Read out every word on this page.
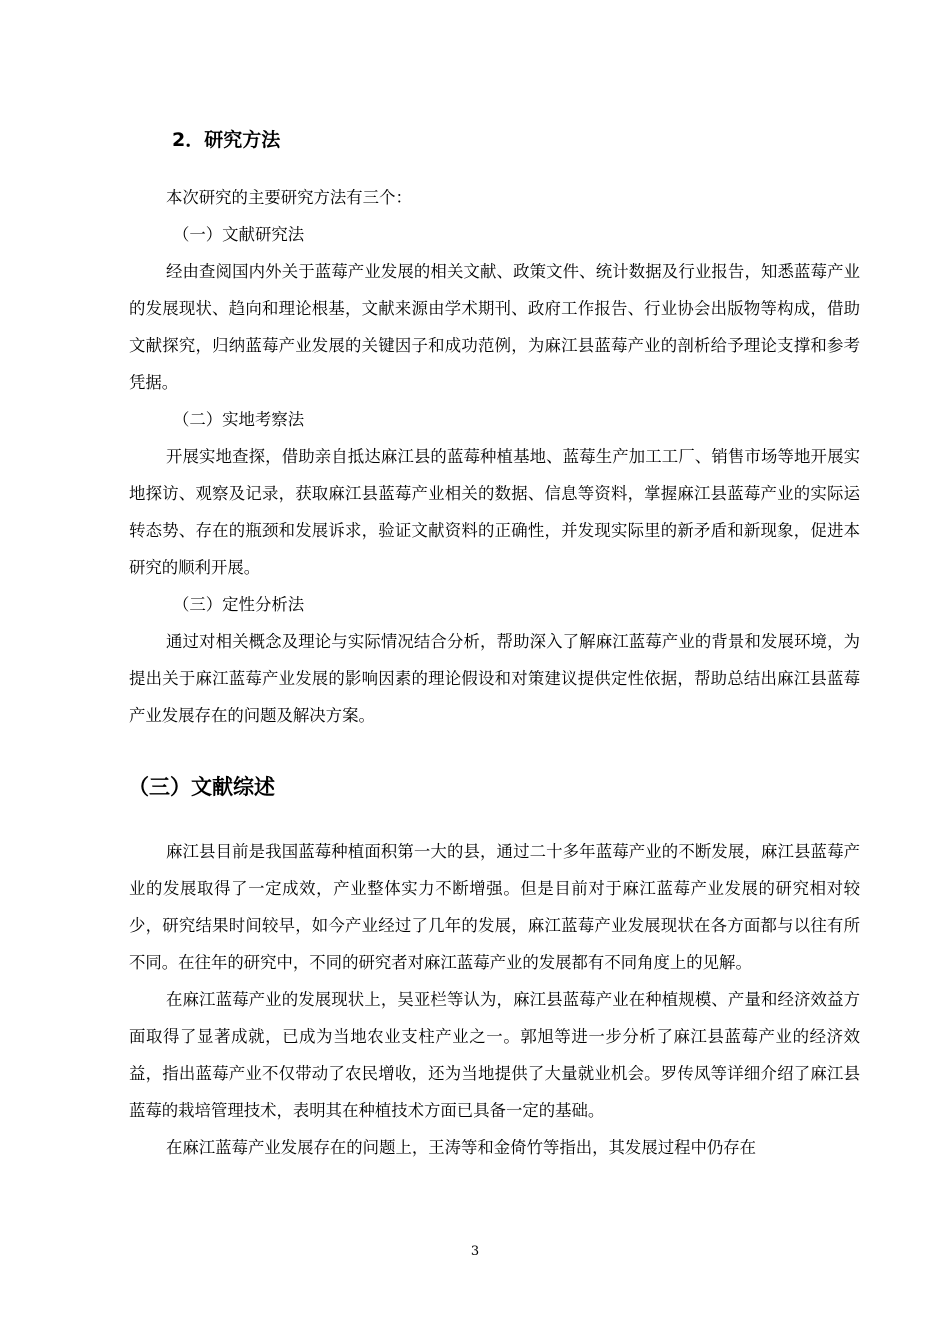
2．研究方法

本次研究的主要研究方法有三个：

（一）文献研究法

经由查阅国内外关于蓝莓产业发展的相关文献、政策文件、统计数据及行业报告，知悉蓝莓产业的发展现状、趋向和理论根基，文献来源由学术期刊、政府工作报告、行业协会出版物等构成，借助文献探究，归纳蓝莓产业发展的关键因子和成功范例，为麻江县蓝莓产业的剖析给予理论支撑和参考凭据。

（二）实地考察法

开展实地查探，借助亲自抵达麻江县的蓝莓种植基地、蓝莓生产加工工厂、销售市场等地开展实地探访、观察及记录，获取麻江县蓝莓产业相关的数据、信息等资料，掌握麻江县蓝莓产业的实际运转态势、存在的瓶颈和发展诉求，验证文献资料的正确性，并发现实际里的新矛盾和新现象，促进本研究的顺利开展。

（三）定性分析法

通过对相关概念及理论与实际情况结合分析，帮助深入了解麻江蓝莓产业的背景和发展环境，为提出关于麻江蓝莓产业发展的影响因素的理论假设和对策建议提供定性依据，帮助总结出麻江县蓝莓产业发展存在的问题及解决方案。

（三）文献综述

麻江县目前是我国蓝莓种植面积第一大的县，通过二十多年蓝莓产业的不断发展，麻江县蓝莓产业的发展取得了一定成效，产业整体实力不断增强。但是目前对于麻江蓝莓产业发展的研究相对较少，研究结果时间较早，如今产业经过了几年的发展，麻江蓝莓产业发展现状在各方面都与以往有所不同。在往年的研究中，不同的研究者对麻江蓝莓产业的发展都有不同角度上的见解。

在麻江蓝莓产业的发展现状上，吴亚栏等认为，麻江县蓝莓产业在种植规模、产量和经济效益方面取得了显著成就，已成为当地农业支柱产业之一。郭旭等进一步分析了麻江县蓝莓产业的经济效益，指出蓝莓产业不仅带动了农民增收，还为当地提供了大量就业机会。罗传凤等详细介绍了麻江县蓝莓的栽培管理技术，表明其在种植技术方面已具备一定的基础。

在麻江蓝莓产业发展存在的问题上，王涛等和金倚竹等指出，其发展过程中仍存在

3
